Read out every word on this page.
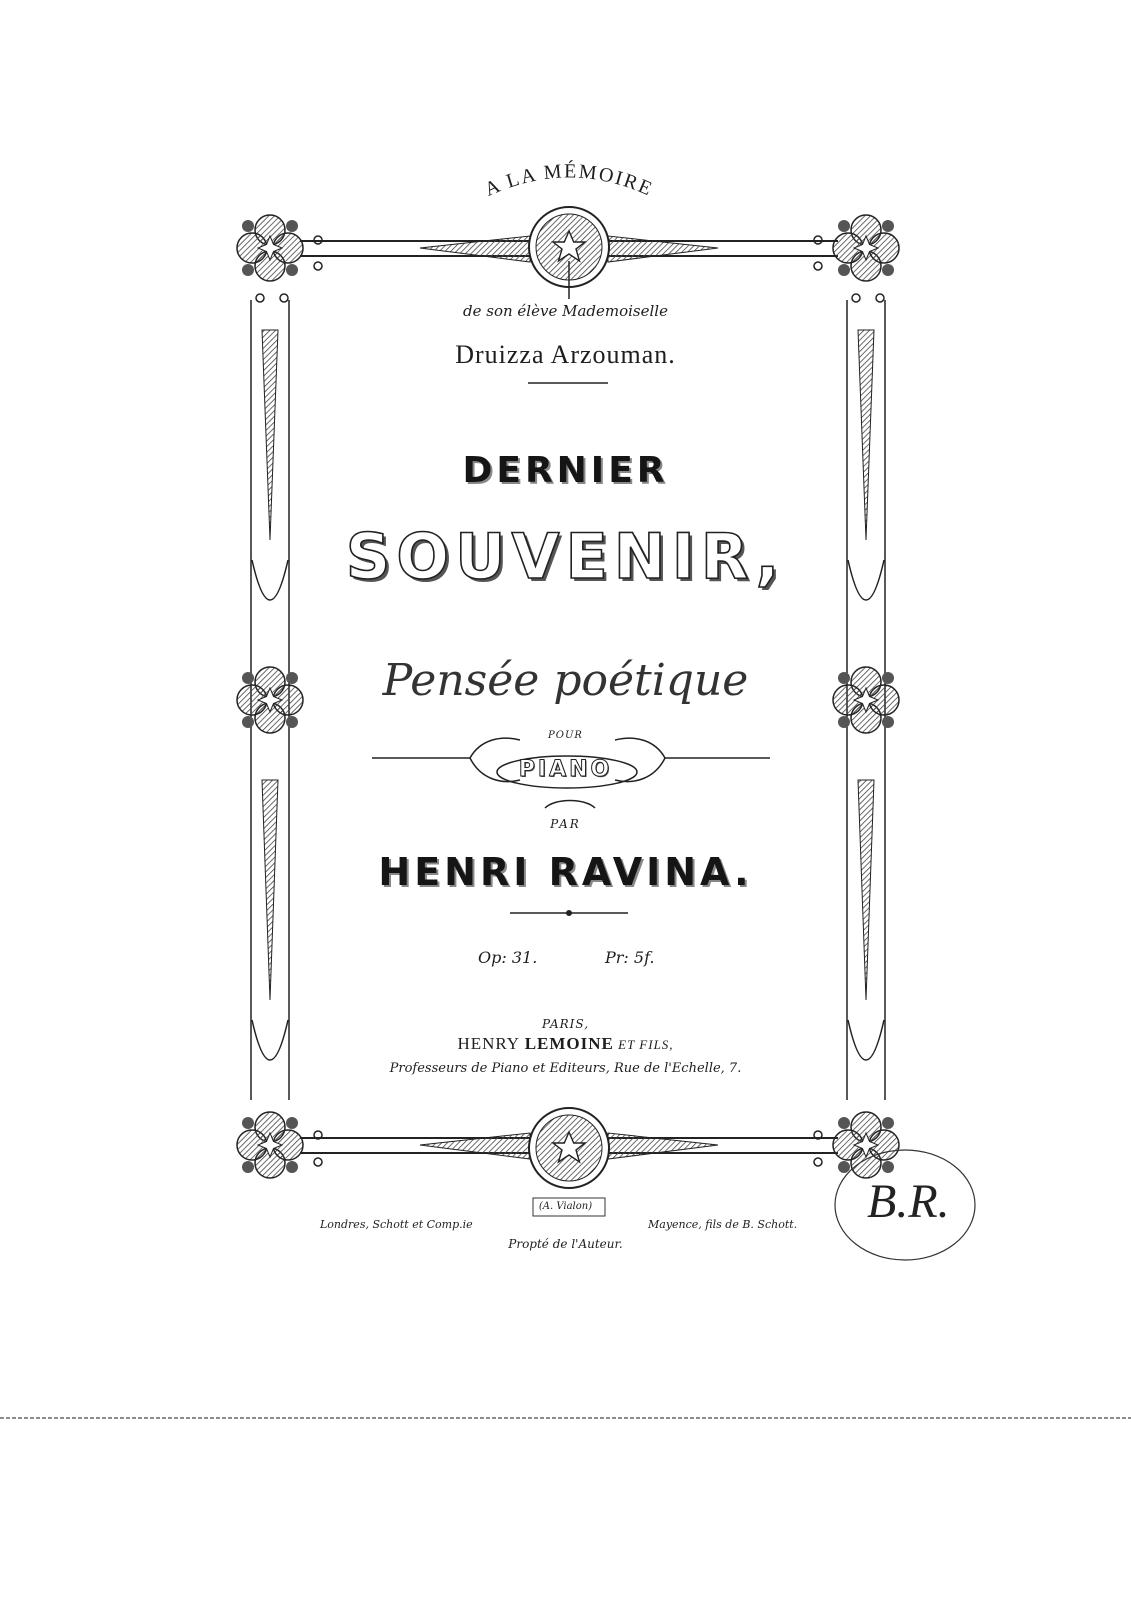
A LA MÉMOIRE
B.R.
de son élève Mademoiselle
Druizza Arzouman.
DERNIER
SOUVENIR,
Pensée poétique
POUR
PIANO
PAR
HENRI RAVINA.
Op: 31.	Pr: 5f.
PARIS,
HENRY LEMOINE ET FILS,
Professeurs de Piano et Editeurs, Rue de l'Echelle, 7.
(A. Vialon)
Londres, Schott et Comp.ie	Mayence, fils de B. Schott.
Propté de l'Auteur.
